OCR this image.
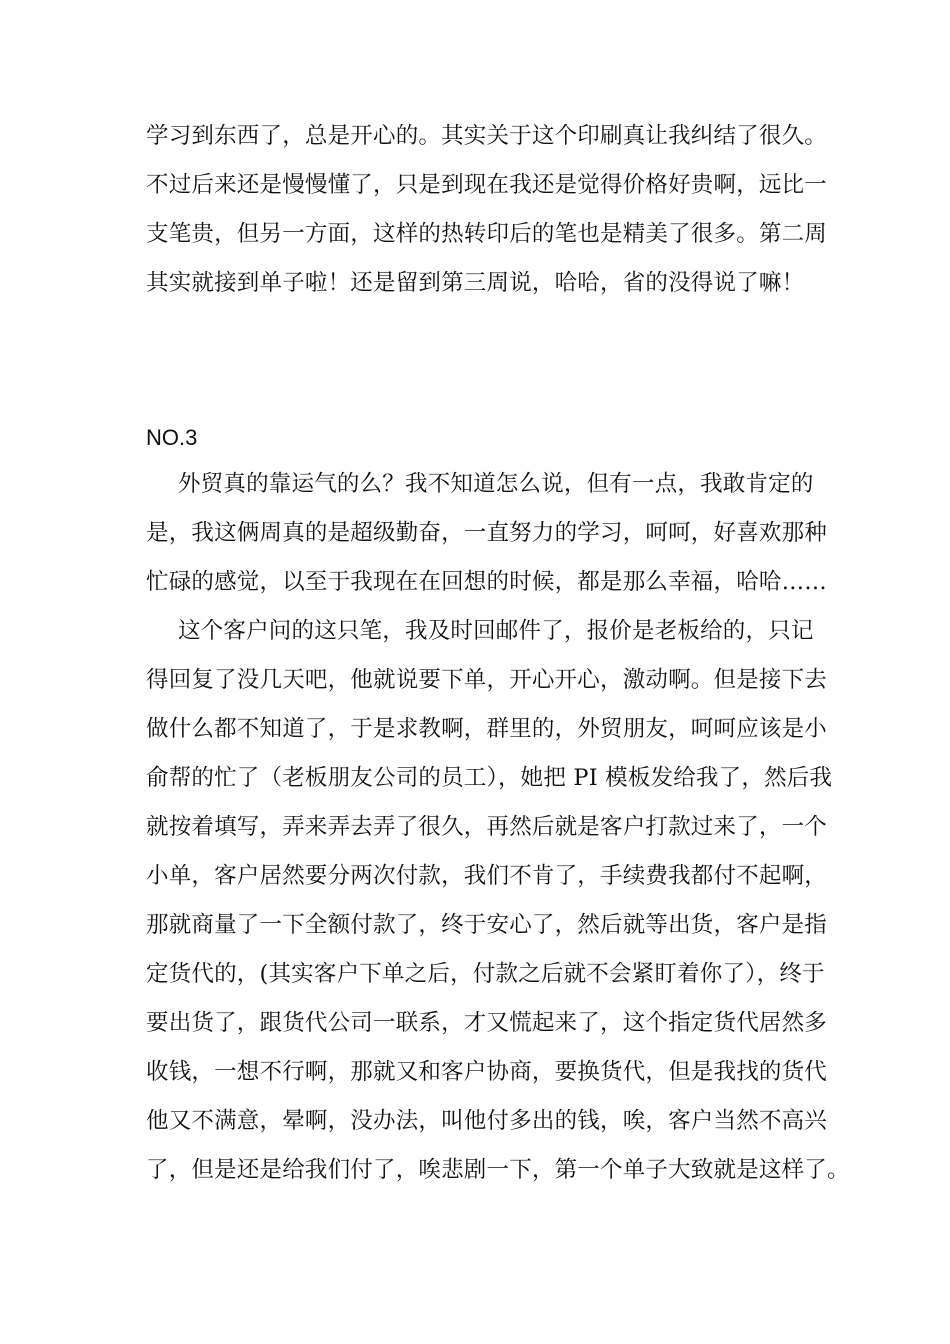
学习到东西了，总是开心的。其实关于这个印刷真让我纠结了很久。
不过后来还是慢慢懂了，只是到现在我还是觉得价格好贵啊，远比一
支笔贵，但另一方面，这样的热转印后的笔也是精美了很多。第二周
其实就接到单子啦！还是留到第三周说，哈哈，省的没得说了嘛！
NO.3
外贸真的靠运气的么？我不知道怎么说，但有一点，我敢肯定的
是，我这俩周真的是超级勤奋，一直努力的学习，呵呵，好喜欢那种
忙碌的感觉，以至于我现在在回想的时候，都是那么幸福，哈哈……
这个客户问的这只笔，我及时回邮件了，报价是老板给的，只记
得回复了没几天吧，他就说要下单，开心开心，激动啊。但是接下去
做什么都不知道了，于是求教啊，群里的，外贸朋友，呵呵应该是小
俞帮的忙了（老板朋友公司的员工），她把 PI 模板发给我了，然后我
就按着填写，弄来弄去弄了很久，再然后就是客户打款过来了，一个
小单，客户居然要分两次付款，我们不肯了，手续费我都付不起啊，
那就商量了一下全额付款了，终于安心了，然后就等出货，客户是指
定货代的，(其实客户下单之后，付款之后就不会紧盯着你了），终于
要出货了，跟货代公司一联系，才又慌起来了，这个指定货代居然多
收钱，一想不行啊，那就又和客户协商，要换货代，但是我找的货代
他又不满意，晕啊，没办法，叫他付多出的钱，唉，客户当然不高兴
了，但是还是给我们付了，唉悲剧一下，第一个单子大致就是这样了。
